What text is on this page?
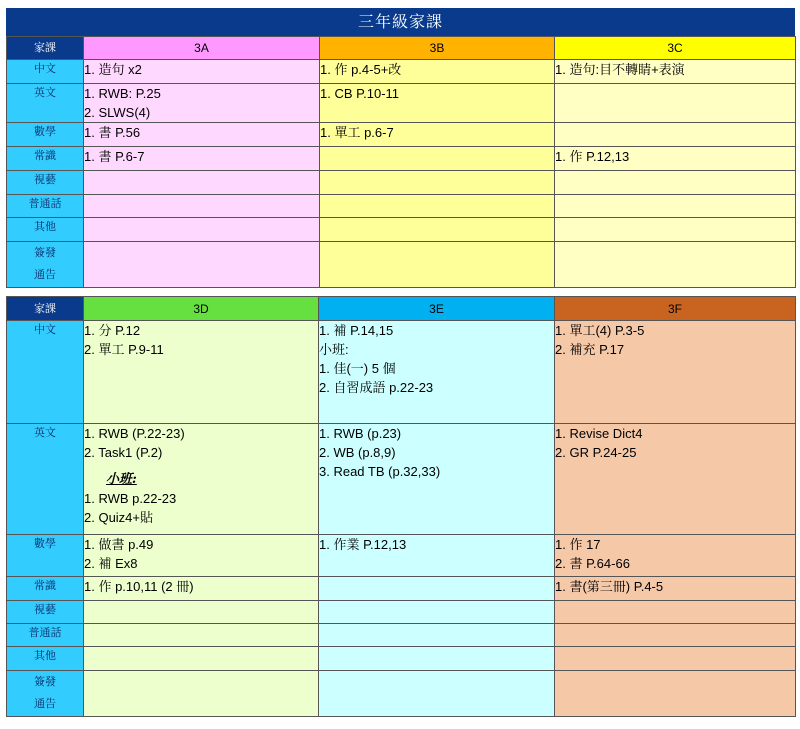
三年級家課
家課	3A	3B	3C

中文	1. 造句 x2	1. 作 p.4-5+改	1. 造句:目不轉睛+表演

英文	1. RWB: P.25
2. SLWS(4)	1. CB P.10-11	

數學	1. 書 P.56	1. 單工 p.6-7	

常識	1. 書 P.6-7		1. 作 P.12,13

視藝			

普通話			

其他			

簽發
通告			

家課	3D	3E	3F

中文	1. 分 P.12
2. 單工 P.9-11	1. 補 P.14,15
小班:
1. 佳(一) 5 個
2. 自習成語 p.22-23	1. 單工(4) P.3-5
2. 補充 P.17

英文	1. RWB (P.22-23)
2. Task1 (P.2)
小班:
1. RWB p.22-23
2. Quiz4+貼	1. RWB (p.23)
2. WB (p.8,9)
3. Read TB (p.32,33)	1. Revise Dict4
2. GR P.24-25

數學	1. 做書 p.49
2. 補 Ex8	1. 作業 P.12,13	1. 作 17
2. 書 P.64-66

常識	1. 作 p.10,11 (2 冊)		1. 書(第三冊) P.4-5

視藝			

普通話			

其他			

簽發
通告			
